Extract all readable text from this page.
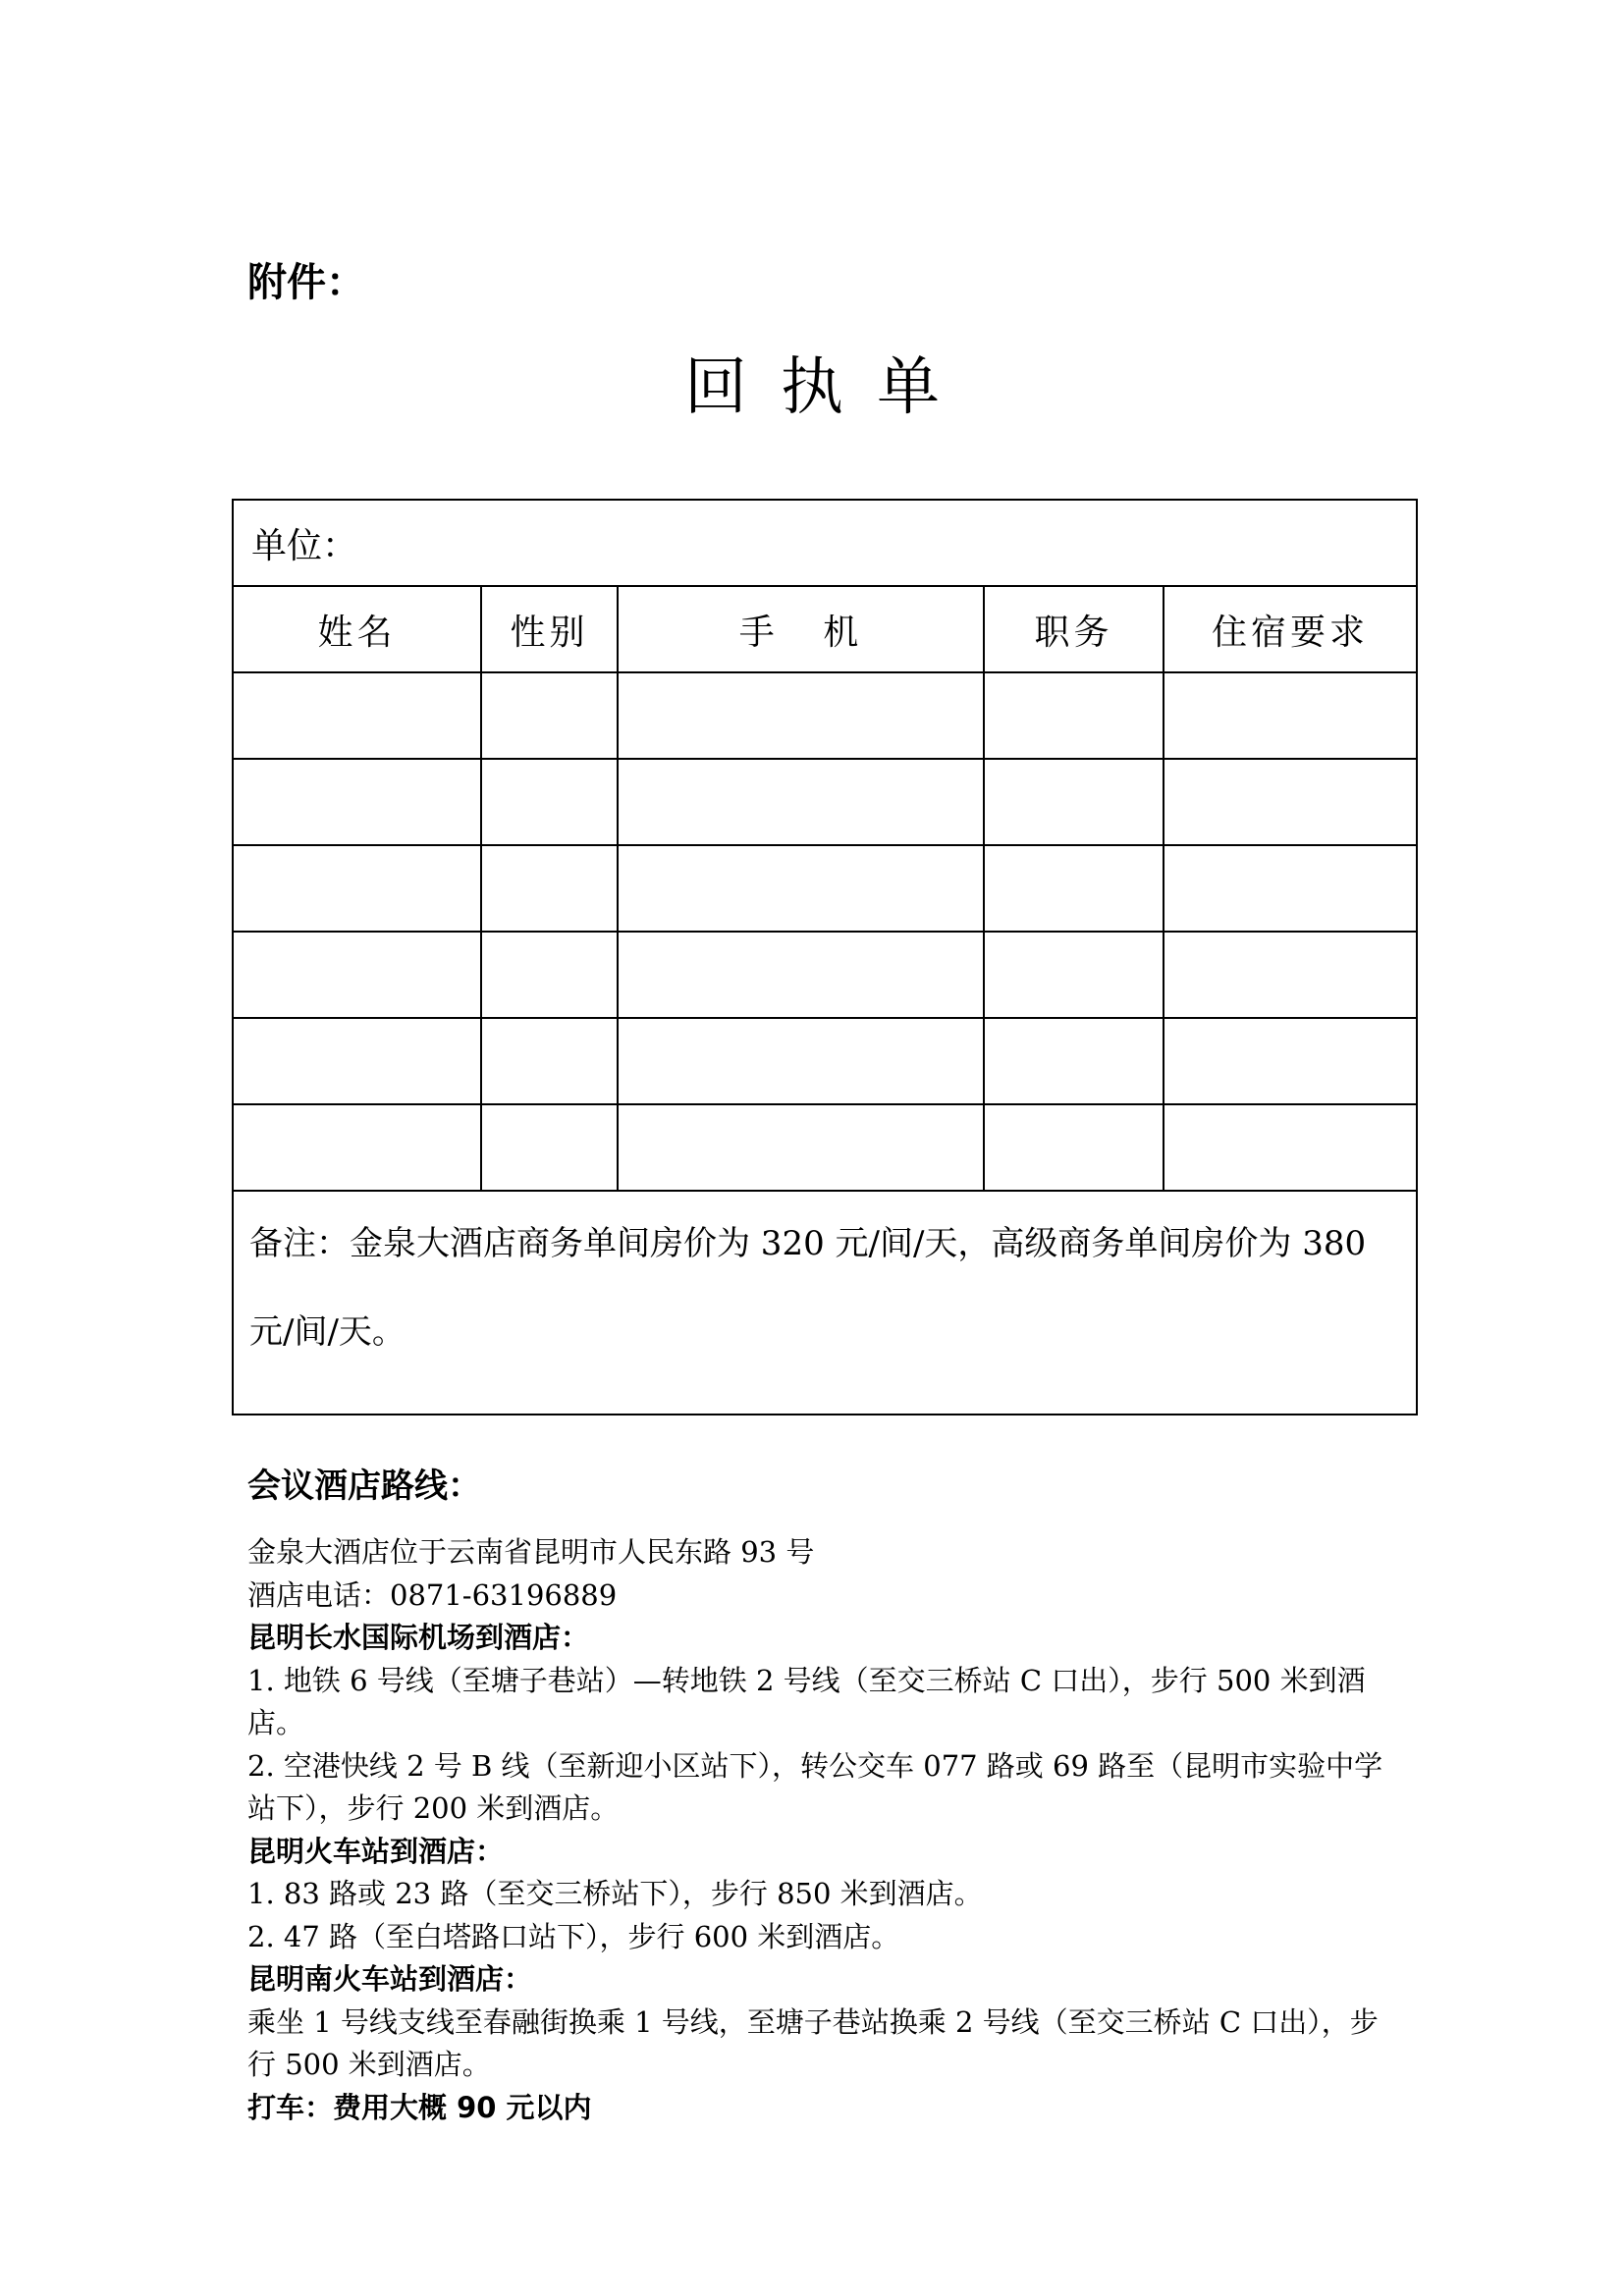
附件：
回执单
单位：				
姓名	性别	手 机	职务	住宿要求

备注：金泉大酒店商务单间房价为 320 元/间/天，高级商务单间房价为 380 元/间/天。				
会议酒店路线：
金泉大酒店位于云南省昆明市人民东路 93 号
酒店电话：0871-63196889
昆明长水国际机场到酒店：
1. 地铁 6 号线（至塘子巷站）—转地铁 2 号线（至交三桥站 C 口出），步行 500 米到酒店。
2. 空港快线 2 号 B 线（至新迎小区站下），转公交车 077 路或 69 路至（昆明市实验中学站下），步行 200 米到酒店。
昆明火车站到酒店：
1. 83 路或 23 路（至交三桥站下），步行 850 米到酒店。
2. 47 路（至白塔路口站下），步行 600 米到酒店。
昆明南火车站到酒店：
乘坐 1 号线支线至春融街换乘 1 号线，至塘子巷站换乘 2 号线（至交三桥站 C 口出），步行 500 米到酒店。
打车：费用大概 90 元以内
